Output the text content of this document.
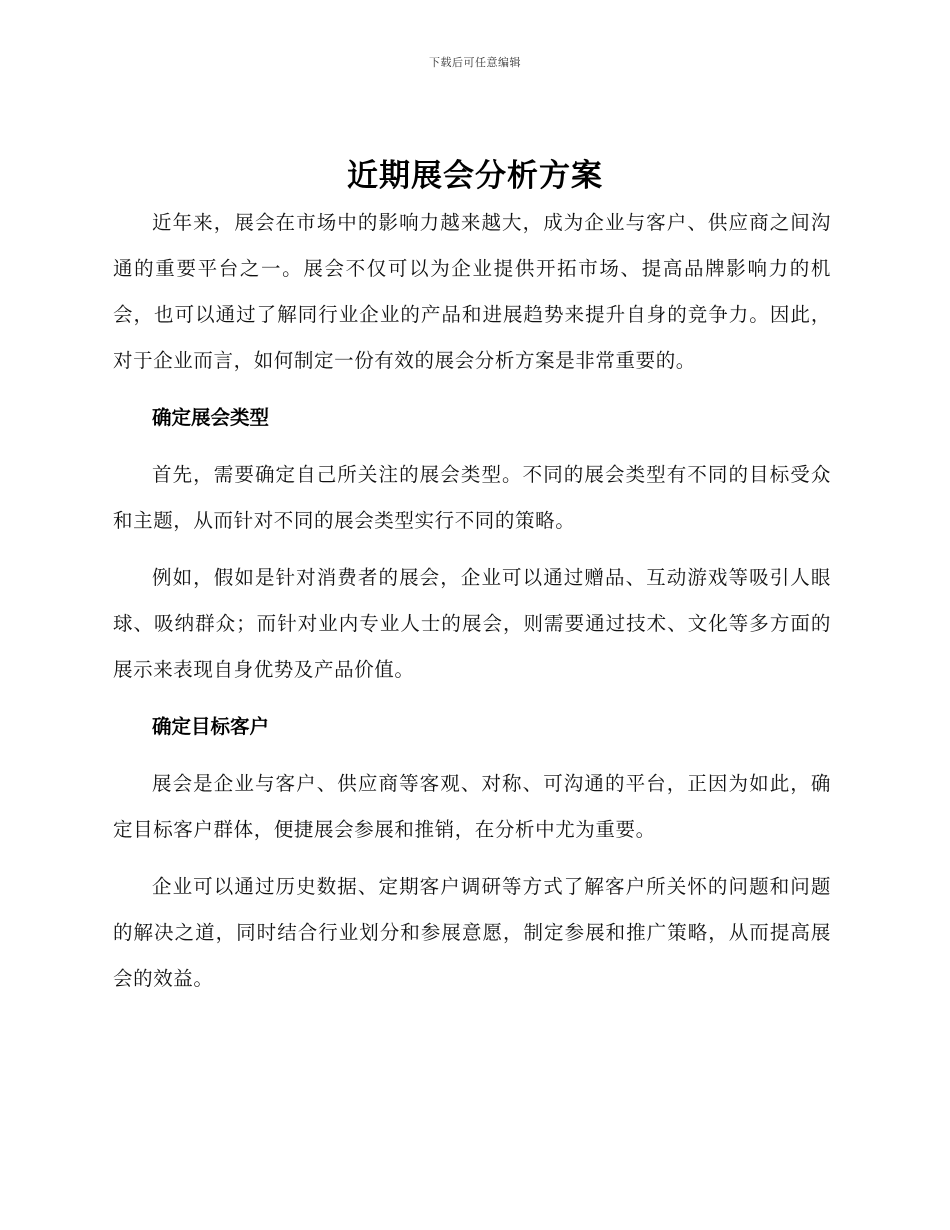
下载后可任意编辑
近期展会分析方案

近年来，展会在市场中的影响力越来越大，成为企业与客户、供应商之间沟通的重要平台之一。展会不仅可以为企业提供开拓市场、提高品牌影响力的机会，也可以通过了解同行业企业的产品和进展趋势来提升自身的竞争力。因此，对于企业而言，如何制定一份有效的展会分析方案是非常重要的。

确定展会类型

首先，需要确定自己所关注的展会类型。不同的展会类型有不同的目标受众和主题，从而针对不同的展会类型实行不同的策略。

例如，假如是针对消费者的展会，企业可以通过赠品、互动游戏等吸引人眼球、吸纳群众；而针对业内专业人士的展会，则需要通过技术、文化等多方面的展示来表现自身优势及产品价值。

确定目标客户

展会是企业与客户、供应商等客观、对称、可沟通的平台，正因为如此，确定目标客户群体，便捷展会参展和推销，在分析中尤为重要。

企业可以通过历史数据、定期客户调研等方式了解客户所关怀的问题和问题的解决之道，同时结合行业划分和参展意愿，制定参展和推广策略，从而提高展会的效益。
